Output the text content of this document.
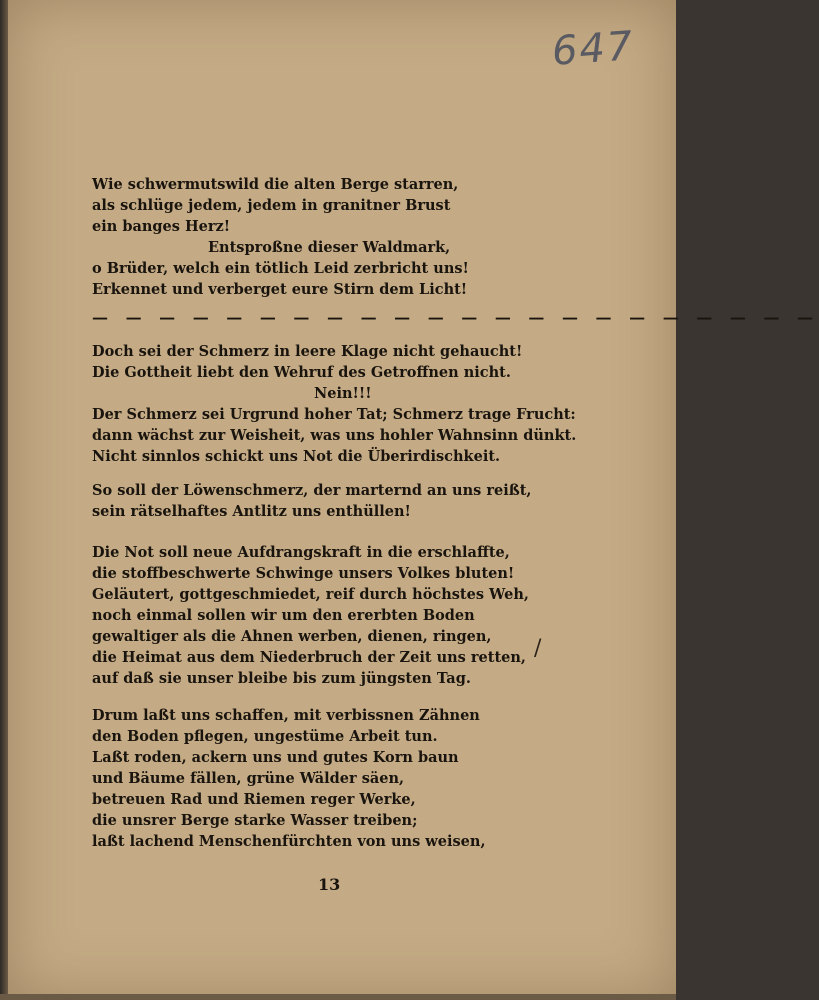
647
Wie schwermutswild die alten Berge starren,
als schlüge jedem, jedem in granitner Brust
ein banges Herz!
Entsproßne dieser Waldmark,
o Brüder, welch ein tötlich Leid zerbricht uns!
Erkennet und verberget eure Stirn dem Licht!
— — — — — — — — — — — — — — — — — — — — — —
Doch sei der Schmerz in leere Klage nicht gehaucht!
Die Gottheit liebt den Wehruf des Getroffnen nicht.
Nein!!!
Der Schmerz sei Urgrund hoher Tat; Schmerz trage Frucht:
dann wächst zur Weisheit, was uns hohler Wahnsinn dünkt.
Nicht sinnlos schickt uns Not die Überirdischkeit.
So soll der Löwenschmerz, der marternd an uns reißt,
sein rätselhaftes Antlitz uns enthüllen!
Die Not soll neue Aufdrangskraft in die erschlaffte,
die stoffbeschwerte Schwinge unsers Volkes bluten!
Geläutert, gottgeschmiedet, reif durch höchstes Weh,
noch einmal sollen wir um den ererbten Boden
gewaltiger als die Ahnen werben, dienen, ringen,
die Heimat aus dem Niederbruch der Zeit uns retten,
auf daß sie unser bleibe bis zum jüngsten Tag.
/
Drum laßt uns schaffen, mit verbissnen Zähnen
den Boden pflegen, ungestüme Arbeit tun.
Laßt roden, ackern uns und gutes Korn baun
und Bäume fällen, grüne Wälder säen,
betreuen Rad und Riemen reger Werke,
die unsrer Berge starke Wasser treiben;
laßt lachend Menschenfürchten von uns weisen,
13
